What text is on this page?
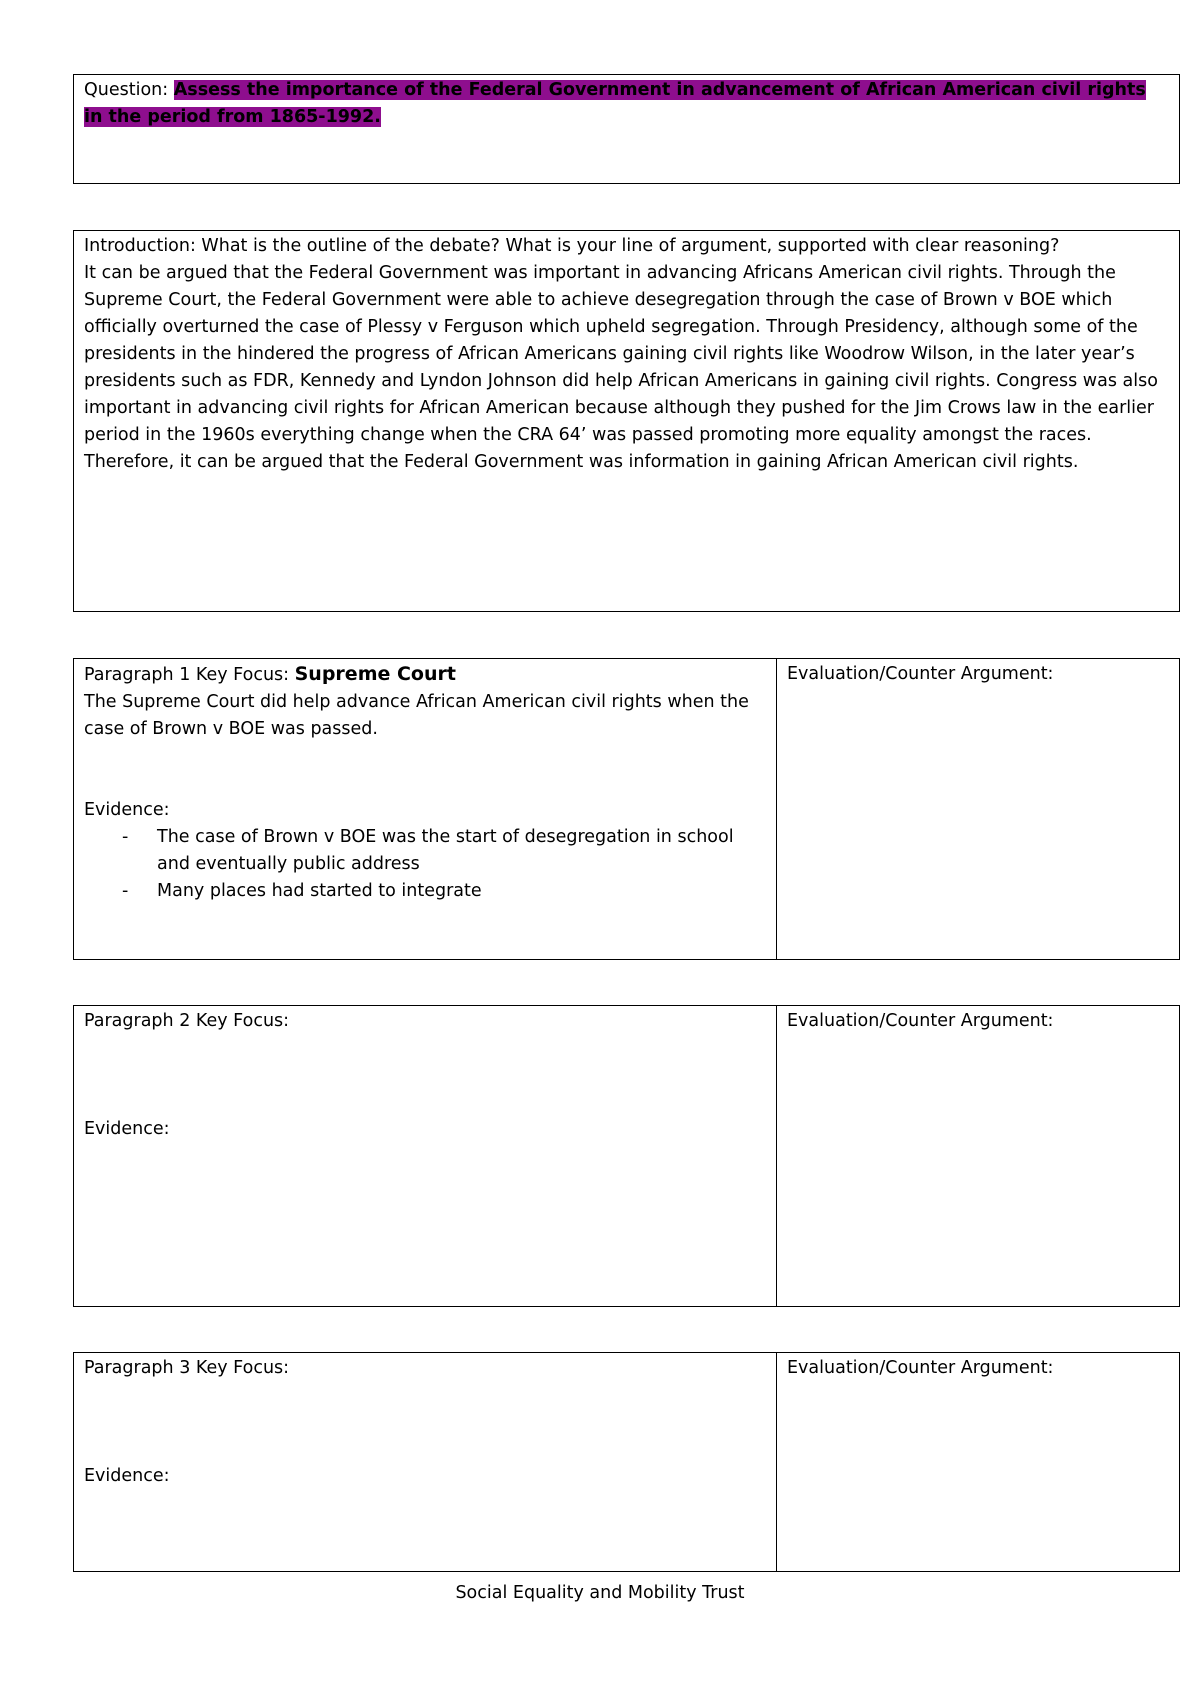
Question: Assess the importance of the Federal Government in advancement of African American civil rights in the period from 1865-1992.
Introduction: What is the outline of the debate? What is your line of argument, supported with clear reasoning?
It can be argued that the Federal Government was important in advancing Africans American civil rights. Through the Supreme Court, the Federal Government were able to achieve desegregation through the case of Brown v BOE which officially overturned the case of Plessy v Ferguson which upheld segregation. Through Presidency, although some of the presidents in the hindered the progress of African Americans gaining civil rights like Woodrow Wilson, in the later year’s presidents such as FDR, Kennedy and Lyndon Johnson did help African Americans in gaining civil rights. Congress was also important in advancing civil rights for African American because although they pushed for the Jim Crows law in the earlier period in the 1960s everything change when the CRA 64’ was passed promoting more equality amongst the races. Therefore, it can be argued that the Federal Government was information in gaining African American civil rights.
Paragraph 1 Key Focus: Supreme Court
The Supreme Court did help advance African American civil rights when the case of Brown v BOE was passed.
Evidence:
- The case of Brown v BOE was the start of desegregation in school and eventually public address
- Many places had started to integrate
Evaluation/Counter Argument:
Paragraph 2 Key Focus:
Evidence:
Evaluation/Counter Argument:
Paragraph 3 Key Focus:
Evidence:
Evaluation/Counter Argument:
Social Equality and Mobility Trust
